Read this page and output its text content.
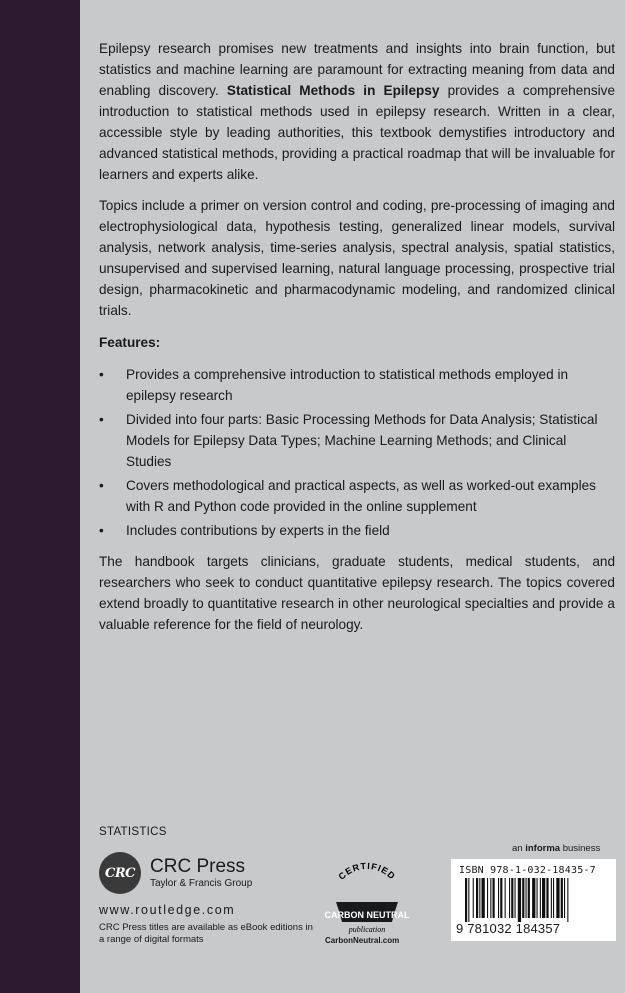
Epilepsy research promises new treatments and insights into brain function, but statistics and machine learning are paramount for extracting meaning from data and enabling discovery. Statistical Methods in Epilepsy provides a comprehensive introduction to statistical methods used in epilepsy research. Written in a clear, accessible style by leading authorities, this textbook demystifies introductory and advanced statistical methods, providing a practical roadmap that will be invaluable for learners and experts alike.

Topics include a primer on version control and coding, pre-processing of imaging and electrophysiological data, hypothesis testing, generalized linear models, survival analysis, network analysis, time-series analysis, spectral analysis, spatial statistics, unsupervised and supervised learning, natural language processing, prospective trial design, pharmacokinetic and pharmacodynamic modeling, and randomized clinical trials.

Features:

• Provides a comprehensive introduction to statistical methods employed in epilepsy research
• Divided into four parts: Basic Processing Methods for Data Analysis; Statistical Models for Epilepsy Data Types; Machine Learning Methods; and Clinical Studies
• Covers methodological and practical aspects, as well as worked-out examples with R and Python code provided in the online supplement
• Includes contributions by experts in the field

The handbook targets clinicians, graduate students, medical students, and researchers who seek to conduct quantitative epilepsy research. The topics covered extend broadly to quantitative research in other neurological specialties and provide a valuable reference for the field of neurology.

STATISTICS
CRC CRC Press
Taylor & Francis Group
www.routledge.com
CRC Press titles are available as eBook editions in a range of digital formats
CERTIFIED
CARBON NEUTRAL
publication
CarbonNeutral.com
an informa business
ISBN 978-1-032-18435-7
9 781032 184357
